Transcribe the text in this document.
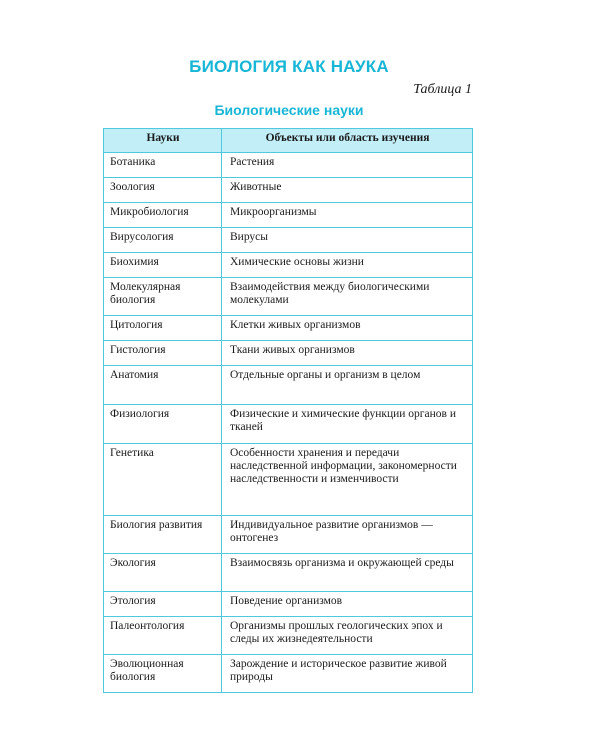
БИОЛОГИЯ КАК НАУКА
Таблица 1
Биологические науки
Науки	Объекты или область изучения
Ботаника	Растения
Зоология	Животные
Микробиология	Микроорганизмы
Вирусология	Вирусы
Биохимия	Химические основы жизни
Молекулярная биология	Взаимодействия между биологическими молекулами
Цитология	Клетки живых организмов
Гистология	Ткани живых организмов
Анатомия	Отдельные органы и организм в целом
Физиология	Физические и химические функции органов и тканей
Генетика	Особенности хранения и передачи наследственной информации, закономерности наследственности и изменчивости
Биология развития	Индивидуальное развитие организмов — онтогенез
Экология	Взаимосвязь организма и окружающей среды
Этология	Поведение организмов
Палеонтология	Организмы прошлых геологических эпох и следы их жизнедеятельности
Эволюционная биология	Зарождение и историческое развитие живой природы
